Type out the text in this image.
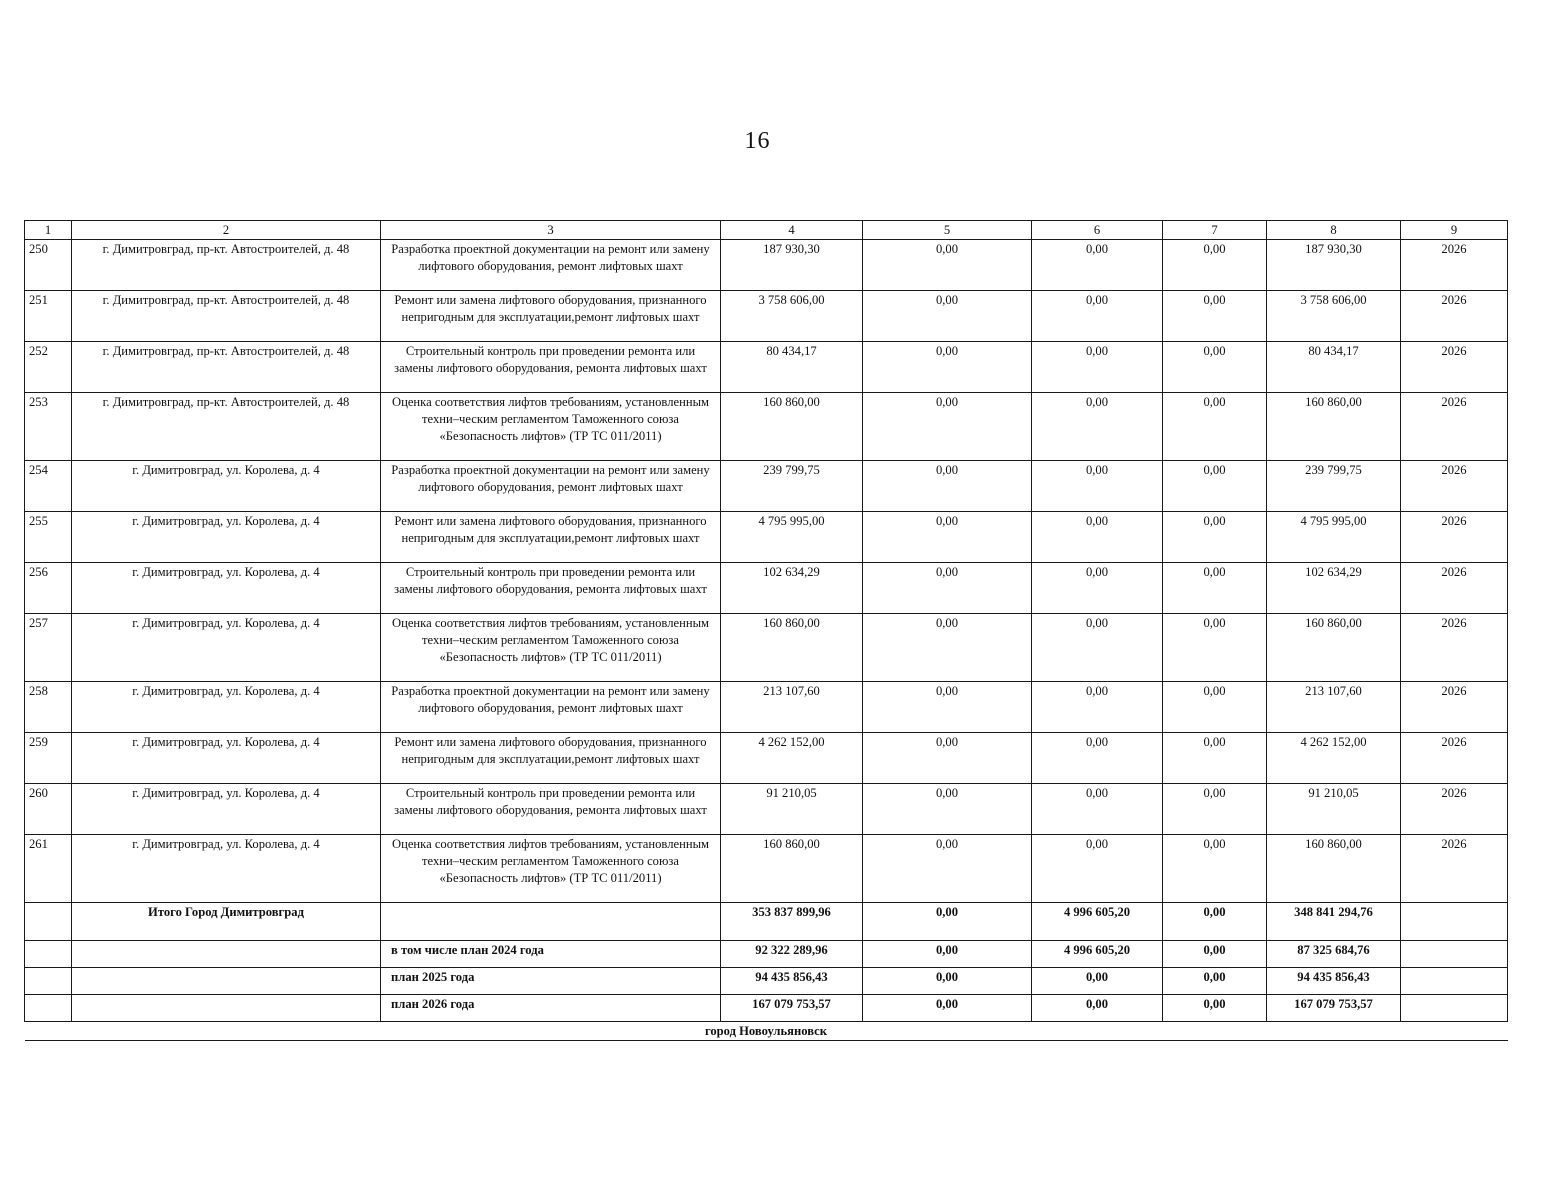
16
1	2	3	4	5	6	7	8	9
250	г. Димитровград, пр-кт. Автостроителей, д. 48	Разработка проектной документации на ремонт или замену лифтового оборудования, ремонт лифтовых шахт	187 930,30	0,00	0,00	0,00	187 930,30	2026
251	г. Димитровград, пр-кт. Автостроителей, д. 48	Ремонт или замена лифтового оборудования, признанного непригодным для эксплуатации,ремонт лифтовых шахт	3 758 606,00	0,00	0,00	0,00	3 758 606,00	2026
252	г. Димитровград, пр-кт. Автостроителей, д. 48	Строительный контроль при проведении ремонта или замены лифтового оборудования, ремонта лифтовых шахт	80 434,17	0,00	0,00	0,00	80 434,17	2026
253	г. Димитровград, пр-кт. Автостроителей, д. 48	Оценка соответствия лифтов требованиям, установленным техни–ческим регламентом Таможенного союза «Безопасность лифтов» (ТР ТС 011/2011)	160 860,00	0,00	0,00	0,00	160 860,00	2026
254	г. Димитровград, ул. Королева, д. 4	Разработка проектной документации на ремонт или замену лифтового оборудования, ремонт лифтовых шахт	239 799,75	0,00	0,00	0,00	239 799,75	2026
255	г. Димитровград, ул. Королева, д. 4	Ремонт или замена лифтового оборудования, признанного непригодным для эксплуатации,ремонт лифтовых шахт	4 795 995,00	0,00	0,00	0,00	4 795 995,00	2026
256	г. Димитровград, ул. Королева, д. 4	Строительный контроль при проведении ремонта или замены лифтового оборудования, ремонта лифтовых шахт	102 634,29	0,00	0,00	0,00	102 634,29	2026
257	г. Димитровград, ул. Королева, д. 4	Оценка соответствия лифтов требованиям, установленным техни–ческим регламентом Таможенного союза «Безопасность лифтов» (ТР ТС 011/2011)	160 860,00	0,00	0,00	0,00	160 860,00	2026
258	г. Димитровград, ул. Королева, д. 4	Разработка проектной документации на ремонт или замену лифтового оборудования, ремонт лифтовых шахт	213 107,60	0,00	0,00	0,00	213 107,60	2026
259	г. Димитровград, ул. Королева, д. 4	Ремонт или замена лифтового оборудования, признанного непригодным для эксплуатации,ремонт лифтовых шахт	4 262 152,00	0,00	0,00	0,00	4 262 152,00	2026
260	г. Димитровград, ул. Королева, д. 4	Строительный контроль при проведении ремонта или замены лифтового оборудования, ремонта лифтовых шахт	91 210,05	0,00	0,00	0,00	91 210,05	2026
261	г. Димитровград, ул. Королева, д. 4	Оценка соответствия лифтов требованиям, установленным техни–ческим регламентом Таможенного союза «Безопасность лифтов» (ТР ТС 011/2011)	160 860,00	0,00	0,00	0,00	160 860,00	2026
	Итого Город Димитровград		353 837 899,96	0,00	4 996 605,20	0,00	348 841 294,76	
		в том числе план 2024 года	92 322 289,96	0,00	4 996 605,20	0,00	87 325 684,76	
		план 2025 года	94 435 856,43	0,00	0,00	0,00	94 435 856,43	
		план 2026 года	167 079 753,57	0,00	0,00	0,00	167 079 753,57	
город Новоульяновск								
